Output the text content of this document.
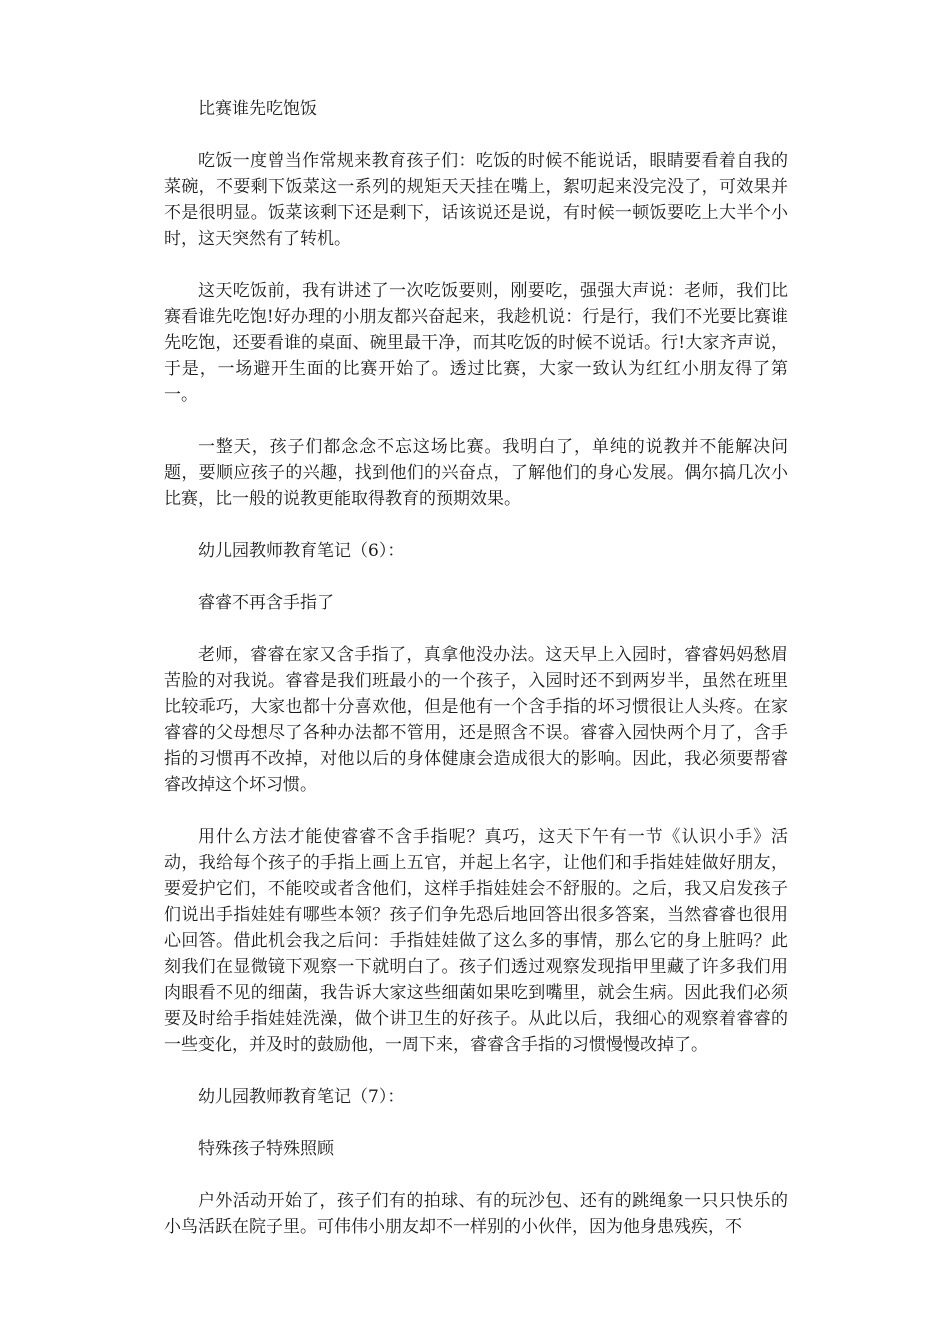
比赛谁先吃饱饭

吃饭一度曾当作常规来教育孩子们：吃饭的时候不能说话，眼睛要看着自我的菜碗，不要剩下饭菜这一系列的规矩天天挂在嘴上，絮叨起来没完没了，可效果并不是很明显。饭菜该剩下还是剩下，话该说还是说，有时候一顿饭要吃上大半个小时，这天突然有了转机。

这天吃饭前，我有讲述了一次吃饭要则，刚要吃，强强大声说：老师，我们比赛看谁先吃饱!好办理的小朋友都兴奋起来，我趁机说：行是行，我们不光要比赛谁先吃饱，还要看谁的桌面、碗里最干净，而其吃饭的时候不说话。行!大家齐声说，于是，一场避开生面的比赛开始了。透过比赛，大家一致认为红红小朋友得了第一。

一整天，孩子们都念念不忘这场比赛。我明白了，单纯的说教并不能解决问题，要顺应孩子的兴趣，找到他们的兴奋点，了解他们的身心发展。偶尔搞几次小比赛，比一般的说教更能取得教育的预期效果。

幼儿园教师教育笔记（6）：

睿睿不再含手指了

老师，睿睿在家又含手指了，真拿他没办法。这天早上入园时，睿睿妈妈愁眉苦脸的对我说。睿睿是我们班最小的一个孩子，入园时还不到两岁半，虽然在班里比较乖巧，大家也都十分喜欢他，但是他有一个含手指的坏习惯很让人头疼。在家睿睿的父母想尽了各种办法都不管用，还是照含不误。睿睿入园快两个月了，含手指的习惯再不改掉，对他以后的身体健康会造成很大的影响。因此，我必须要帮睿睿改掉这个坏习惯。

用什么方法才能使睿睿不含手指呢？真巧，这天下午有一节《认识小手》活动，我给每个孩子的手指上画上五官，并起上名字，让他们和手指娃娃做好朋友，要爱护它们，不能咬或者含他们，这样手指娃娃会不舒服的。之后，我又启发孩子们说出手指娃娃有哪些本领？孩子们争先恐后地回答出很多答案，当然睿睿也很用心回答。借此机会我之后问：手指娃娃做了这么多的事情，那么它的身上脏吗？此刻我们在显微镜下观察一下就明白了。孩子们透过观察发现指甲里藏了许多我们用肉眼看不见的细菌，我告诉大家这些细菌如果吃到嘴里，就会生病。因此我们必须要及时给手指娃娃洗澡，做个讲卫生的好孩子。从此以后，我细心的观察着睿睿的一些变化，并及时的鼓励他，一周下来，睿睿含手指的习惯慢慢改掉了。

幼儿园教师教育笔记（7）：

特殊孩子特殊照顾

户外活动开始了，孩子们有的拍球、有的玩沙包、还有的跳绳象一只只快乐的小鸟活跃在院子里。可伟伟小朋友却不一样别的小伙伴，因为他身患残疾，不
